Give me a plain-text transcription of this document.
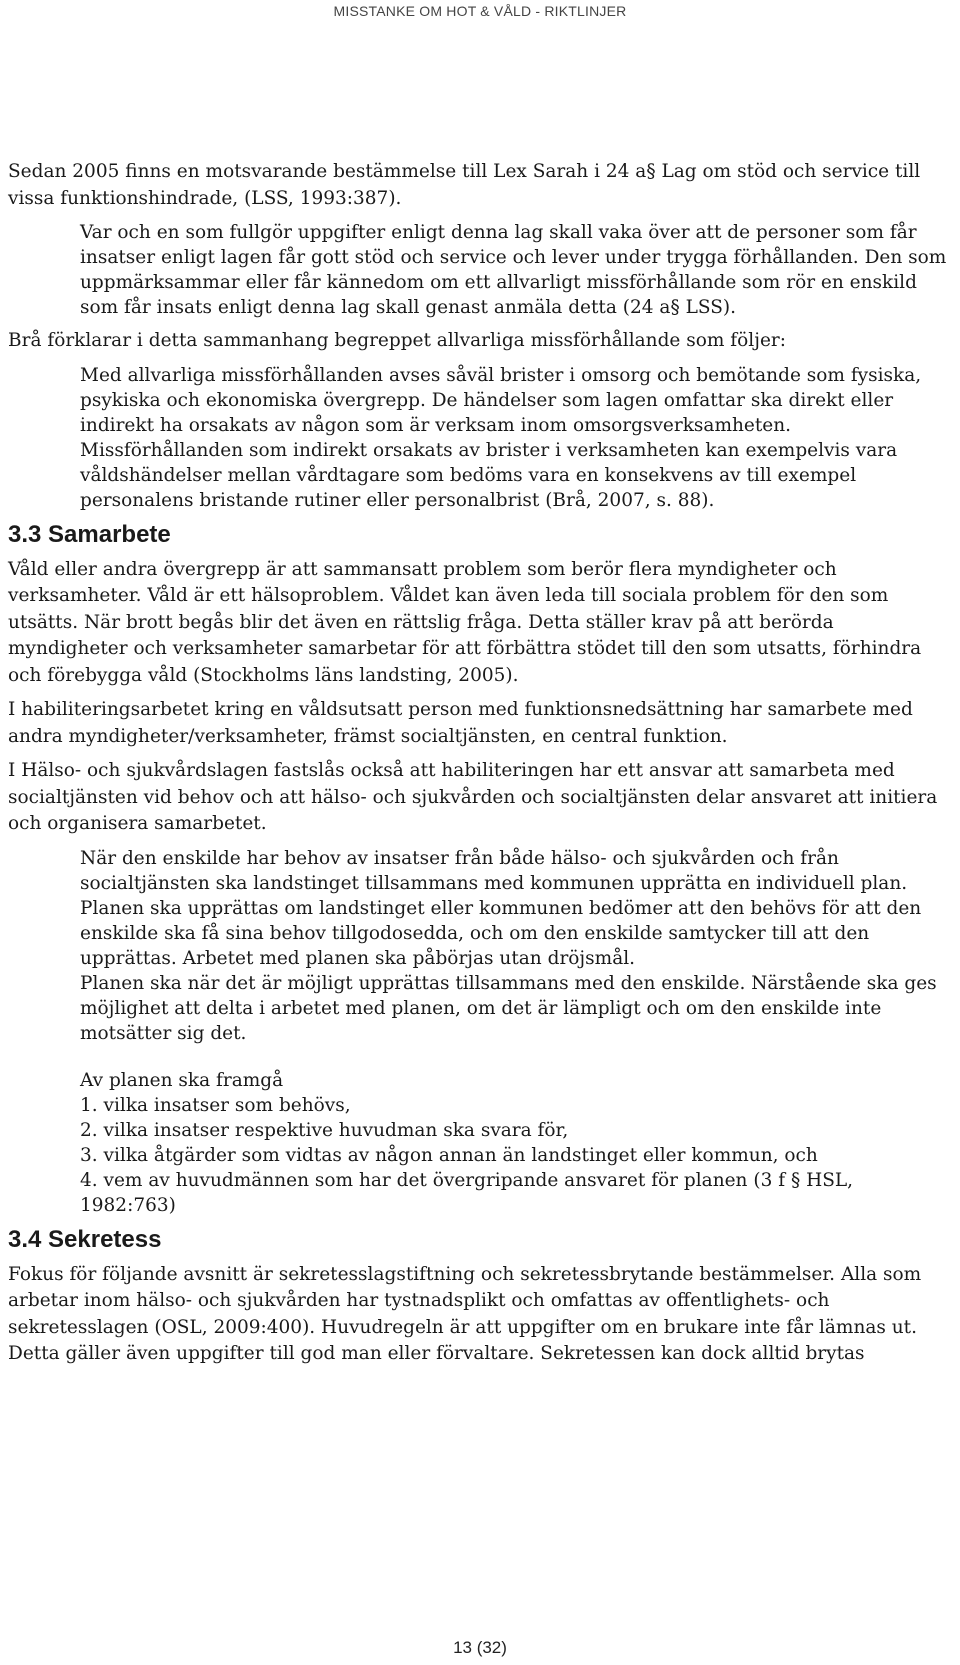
MISSTANKE OM HOT & VÅLD - RIKTLINJER

Sedan 2005 finns en motsvarande bestämmelse till Lex Sarah i 24 a§ Lag om stöd och service till vissa funktionshindrade, (LSS, 1993:387).

Var och en som fullgör uppgifter enligt denna lag skall vaka över att de personer som får insatser enligt lagen får gott stöd och service och lever under trygga förhållanden. Den som uppmärksammar eller får kännedom om ett allvarligt missförhållande som rör en enskild som får insats enligt denna lag skall genast anmäla detta (24 a§ LSS).

Brå förklarar i detta sammanhang begreppet allvarliga missförhållande som följer:

Med allvarliga missförhållanden avses såväl brister i omsorg och bemötande som fysiska, psykiska och ekonomiska övergrepp. De händelser som lagen omfattar ska direkt eller indirekt ha orsakats av någon som är verksam inom omsorgsverksamheten. Missförhållanden som indirekt orsakats av brister i verksamheten kan exempelvis vara våldshändelser mellan vårdtagare som bedöms vara en konsekvens av till exempel personalens bristande rutiner eller personalbrist (Brå, 2007, s. 88).

3.3 Samarbete

Våld eller andra övergrepp är att sammansatt problem som berör flera myndigheter och verksamheter. Våld är ett hälsoproblem. Våldet kan även leda till sociala problem för den som utsätts. När brott begås blir det även en rättslig fråga. Detta ställer krav på att berörda myndigheter och verksamheter samarbetar för att förbättra stödet till den som utsatts, förhindra och förebygga våld (Stockholms läns landsting, 2005).

I habiliteringsarbetet kring en våldsutsatt person med funktionsnedsättning har samarbete med andra myndigheter/verksamheter, främst socialtjänsten, en central funktion.

I Hälso- och sjukvårdslagen fastslås också att habiliteringen har ett ansvar att samarbeta med socialtjänsten vid behov och att hälso- och sjukvården och socialtjänsten delar ansvaret att initiera och organisera samarbetet.

När den enskilde har behov av insatser från både hälso- och sjukvården och från socialtjänsten ska landstinget tillsammans med kommunen upprätta en individuell plan. Planen ska upprättas om landstinget eller kommunen bedömer att den behövs för att den enskilde ska få sina behov tillgodosedda, och om den enskilde samtycker till att den upprättas. Arbetet med planen ska påbörjas utan dröjsmål.

Planen ska när det är möjligt upprättas tillsammans med den enskilde. Närstående ska ges möjlighet att delta i arbetet med planen, om det är lämpligt och om den enskilde inte motsätter sig det.

Av planen ska framgå

1. vilka insatser som behövs,
2. vilka insatser respektive huvudman ska svara för,
3. vilka åtgärder som vidtas av någon annan än landstinget eller kommun, och
4. vem av huvudmännen som har det övergripande ansvaret för planen (3 f § HSL, 1982:763)
3.4 Sekretess

Fokus för följande avsnitt är sekretesslagstiftning och sekretessbrytande bestämmelser. Alla som arbetar inom hälso- och sjukvården har tystnadsplikt och omfattas av offentlighets- och sekretesslagen (OSL, 2009:400). Huvudregeln är att uppgifter om en brukare inte får lämnas ut. Detta gäller även uppgifter till god man eller förvaltare. Sekretessen kan dock alltid brytas

13 (32)
